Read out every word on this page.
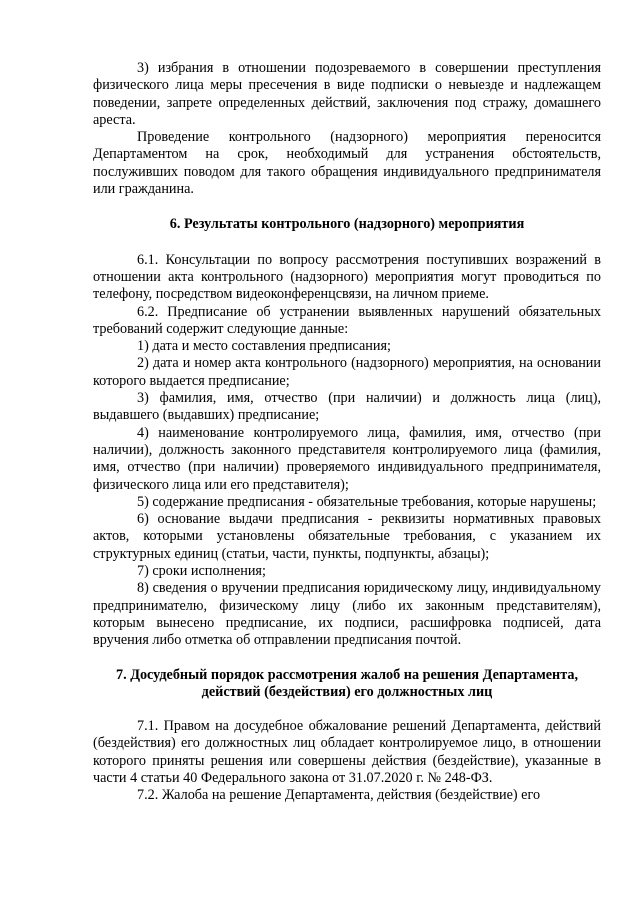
3) избрания в отношении подозреваемого в совершении преступления физического лица меры пресечения в виде подписки о невыезде и надлежащем поведении, запрете определенных действий, заключения под стражу, домашнего ареста.

Проведение контрольного (надзорного) мероприятия переносится Департаментом на срок, необходимый для устранения обстоятельств, послуживших поводом для такого обращения индивидуального предпринимателя или гражданина.

6. Результаты контрольного (надзорного) мероприятия

6.1. Консультации по вопросу рассмотрения поступивших возражений в отношении акта контрольного (надзорного) мероприятия могут проводиться по телефону, посредством видеоконференцсвязи, на личном приеме.

6.2. Предписание об устранении выявленных нарушений обязательных требований содержит следующие данные:

1) дата и место составления предписания;

2) дата и номер акта контрольного (надзорного) мероприятия, на основании которого выдается предписание;

3) фамилия, имя, отчество (при наличии) и должность лица (лиц), выдавшего (выдавших) предписание;

4) наименование контролируемого лица, фамилия, имя, отчество (при наличии), должность законного представителя контролируемого лица (фамилия, имя, отчество (при наличии) проверяемого индивидуального предпринимателя, физического лица или его представителя);

5) содержание предписания - обязательные требования, которые нарушены;

6) основание выдачи предписания - реквизиты нормативных правовых актов, которыми установлены обязательные требования, с указанием их структурных единиц (статьи, части, пункты, подпункты, абзацы);

7) сроки исполнения;

8) сведения о вручении предписания юридическому лицу, индивидуальному предпринимателю, физическому лицу (либо их законным представителям), которым вынесено предписание, их подписи, расшифровка подписей, дата вручения либо отметка об отправлении предписания почтой.

7. Досудебный порядок рассмотрения жалоб на решения Департамента,

действий (бездействия) его должностных лиц

7.1. Правом на досудебное обжалование решений Департамента, действий (бездействия) его должностных лиц обладает контролируемое лицо, в отношении которого приняты решения или совершены действия (бездействие), указанные в части 4 статьи 40 Федерального закона от 31.07.2020 г. № 248-ФЗ.

7.2. Жалоба на решение Департамента, действия (бездействие) его
